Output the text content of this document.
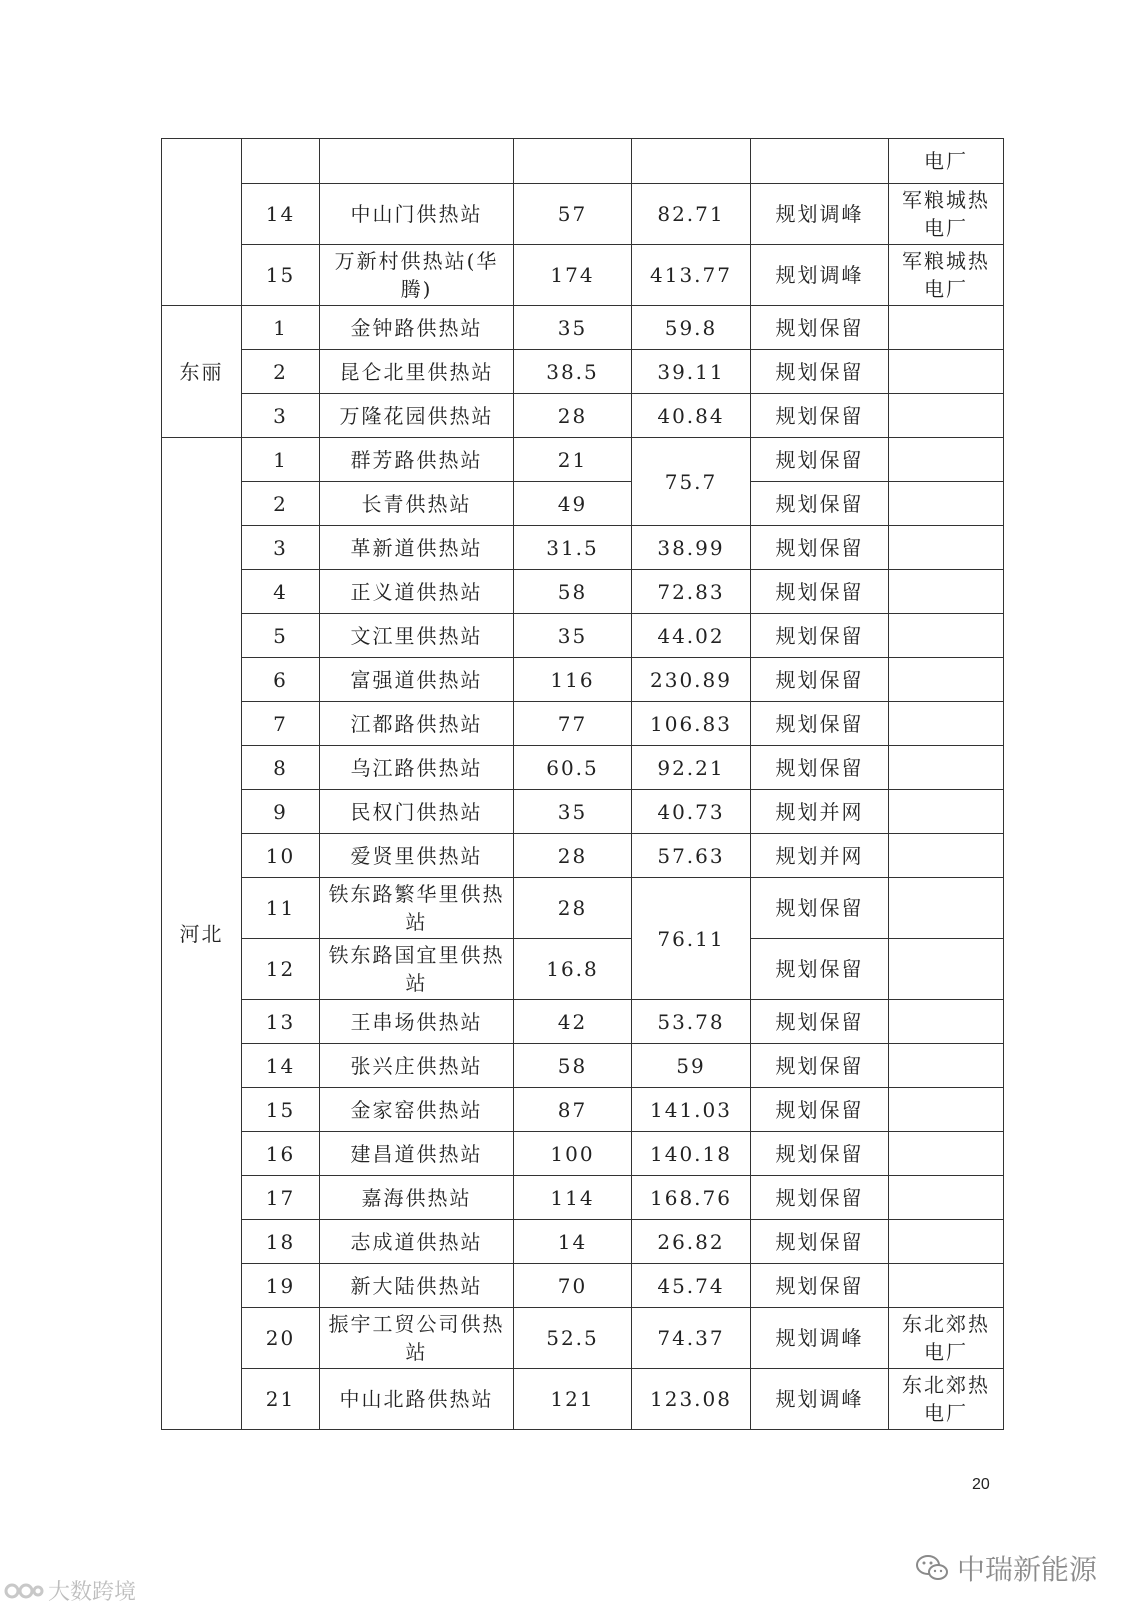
						电厂
	14	中山门供热站	57	82.71	规划调峰	军粮城热电厂
	15	万新村供热站(华腾)	174	413.77	规划调峰	军粮城热电厂
东丽	1	金钟路供热站	35	59.8	规划保留	
	2	昆仑北里供热站	38.5	39.11	规划保留	
	3	万隆花园供热站	28	40.84	规划保留	
河北	1	群芳路供热站	21	75.7	规划保留	
	2	长青供热站	49		规划保留	
	3	革新道供热站	31.5	38.99	规划保留	
	4	正义道供热站	58	72.83	规划保留	
	5	文江里供热站	35	44.02	规划保留	
	6	富强道供热站	116	230.89	规划保留	
	7	江都路供热站	77	106.83	规划保留	
	8	乌江路供热站	60.5	92.21	规划保留	
	9	民权门供热站	35	40.73	规划并网	
	10	爱贤里供热站	28	57.63	规划并网	
	11	铁东路繁华里供热站	28	76.11	规划保留	
	12	铁东路国宜里供热站	16.8		规划保留	
	13	王串场供热站	42	53.78	规划保留	
	14	张兴庄供热站	58	59	规划保留	
	15	金家窑供热站	87	141.03	规划保留	
	16	建昌道供热站	100	140.18	规划保留	
	17	嘉海供热站	114	168.76	规划保留	
	18	志成道供热站	14	26.82	规划保留	
	19	新大陆供热站	70	45.74	规划保留	
	20	振宇工贸公司供热站	52.5	74.37	规划调峰	东北郊热电厂
	21	中山北路供热站	121	123.08	规划调峰	东北郊热电厂
20
大数跨境
中瑞新能源
